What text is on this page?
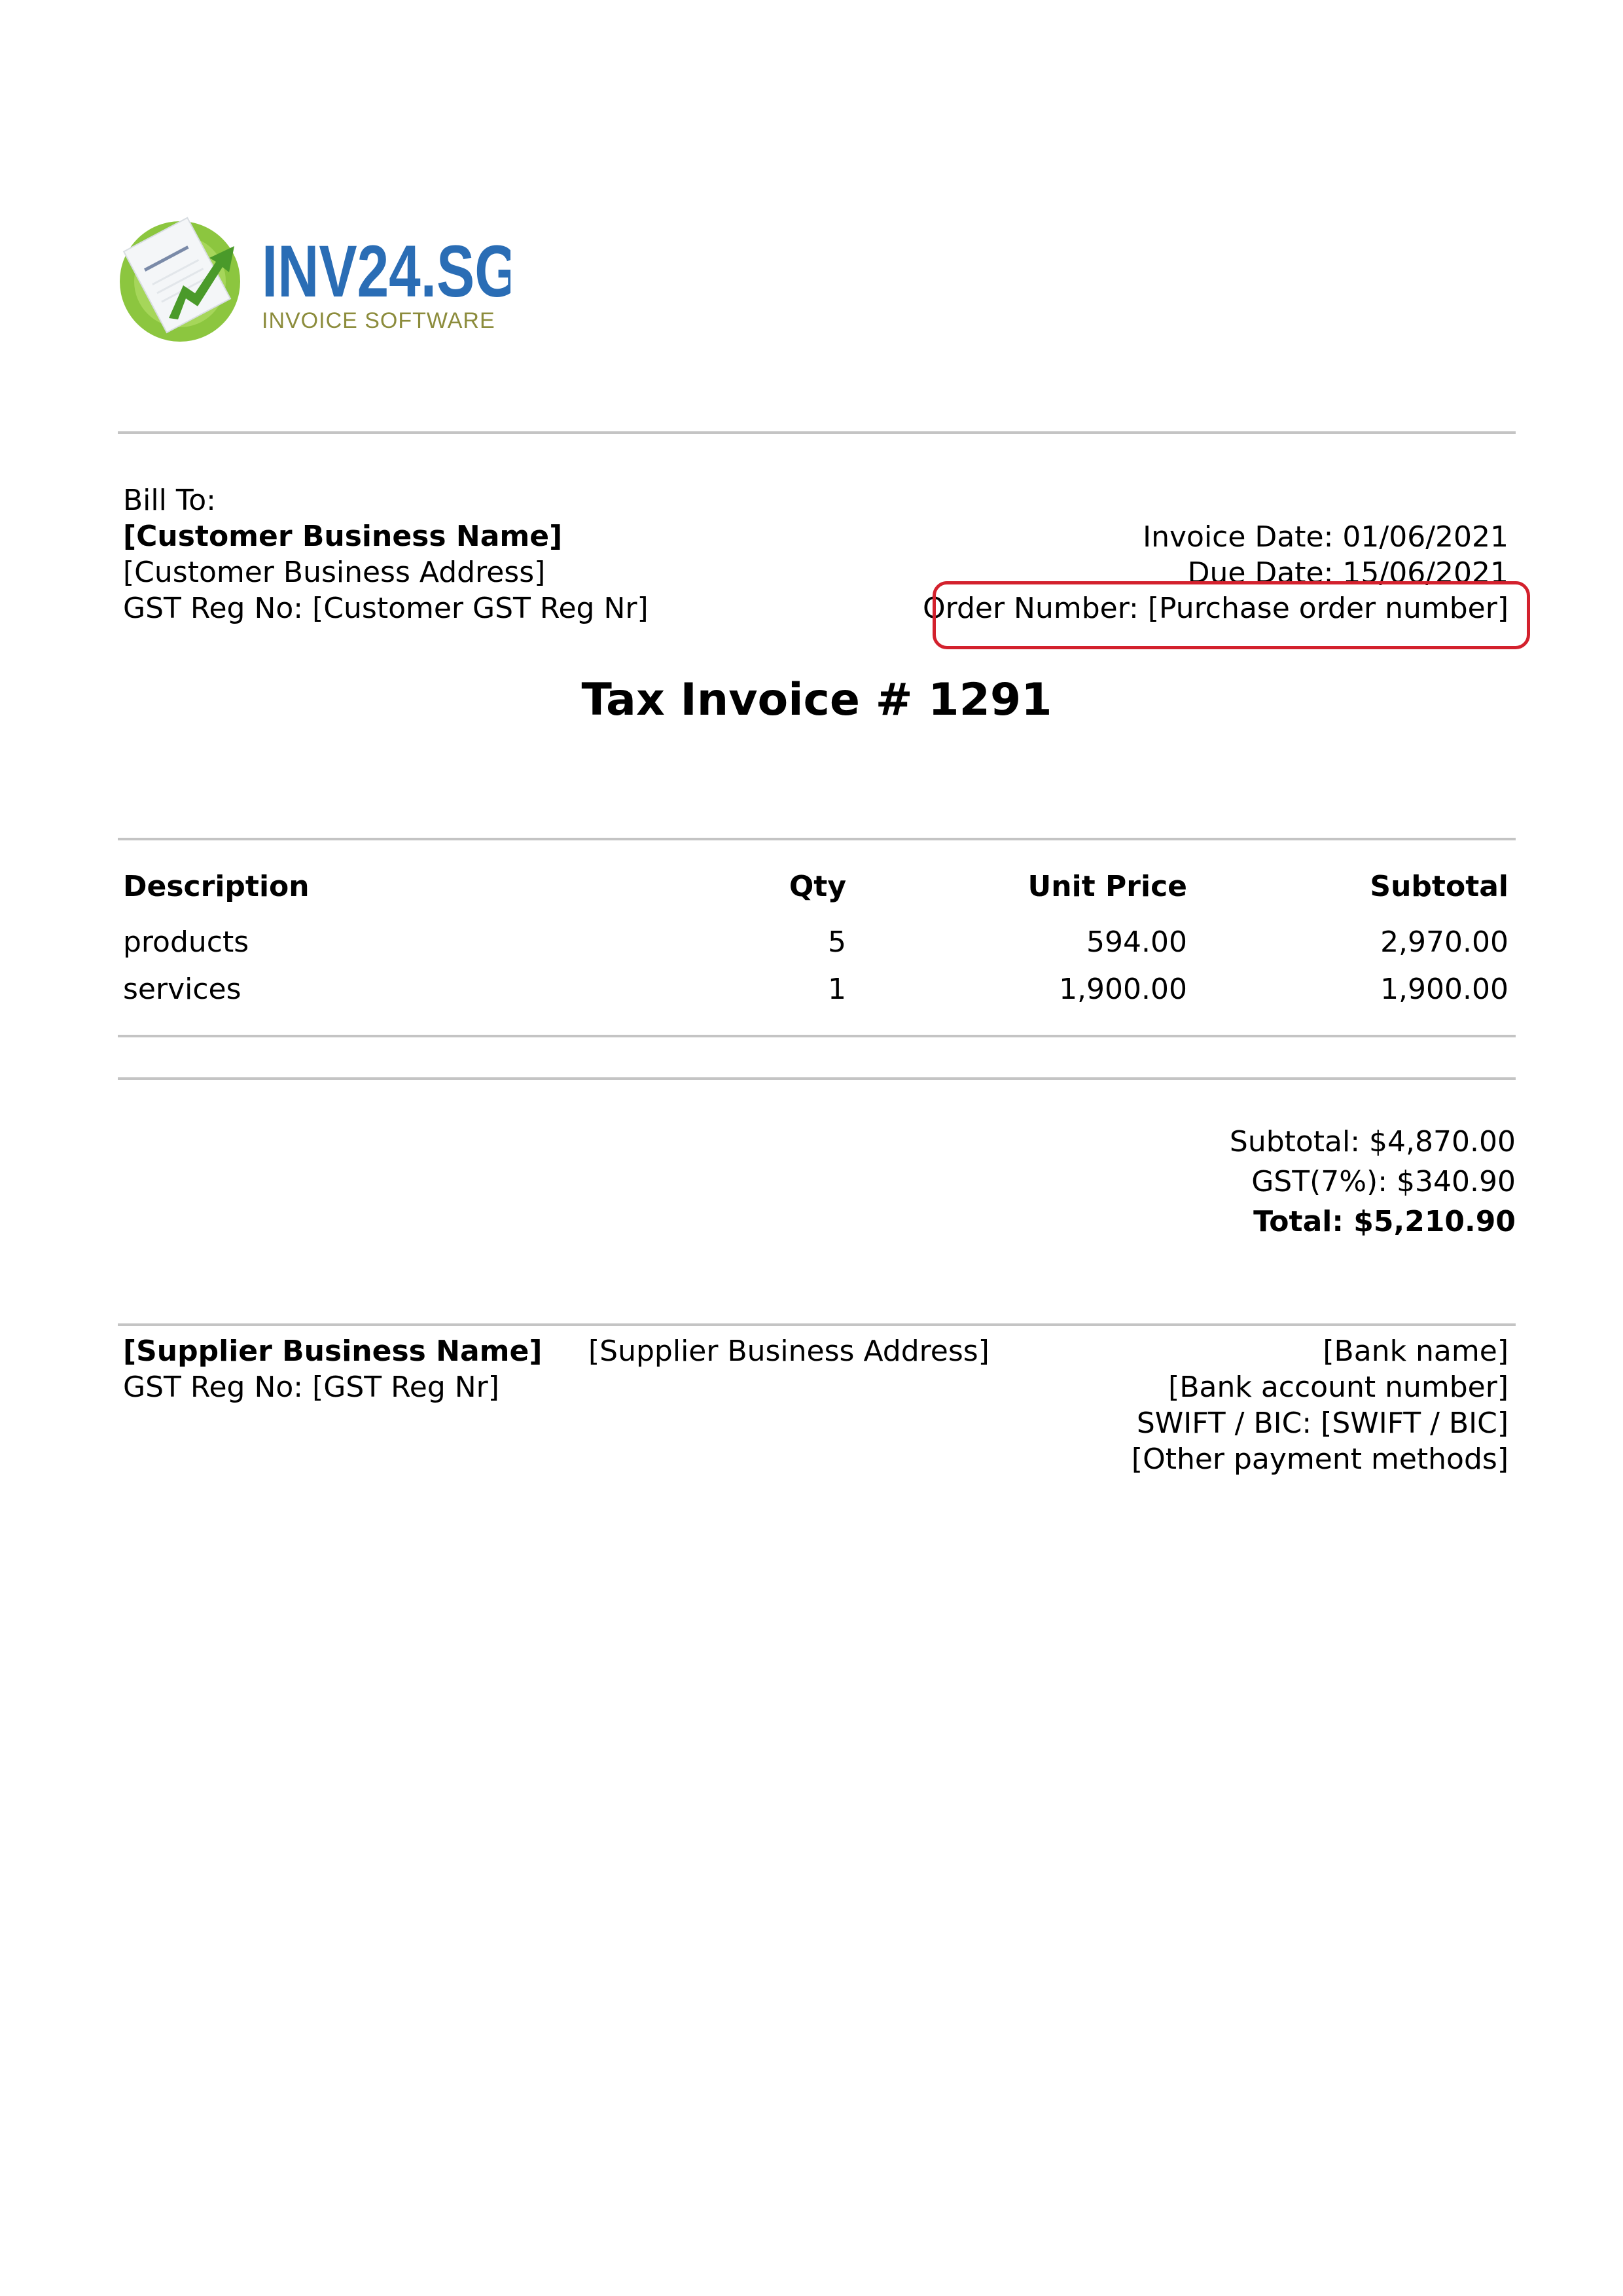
INV24.SG
INVOICE SOFTWARE
Bill To:
[Customer Business Name]
[Customer Business Address]
GST Reg No: [Customer GST Reg Nr]
Invoice Date: 01/06/2021
Due Date: 15/06/2021
Order Number: [Purchase order number]
Tax Invoice # 1291
Description	Qty	Unit Price	Subtotal
products	5	594.00	2,970.00
services	1	1,900.00	1,900.00
Subtotal: $4,870.00
GST(7%): $340.90
Total: $5,210.90
[Supplier Business Name]
GST Reg No: [GST Reg Nr]
[Supplier Business Address]	[Bank name]
[Bank account number]
SWIFT / BIC: [SWIFT / BIC]
[Other payment methods]
